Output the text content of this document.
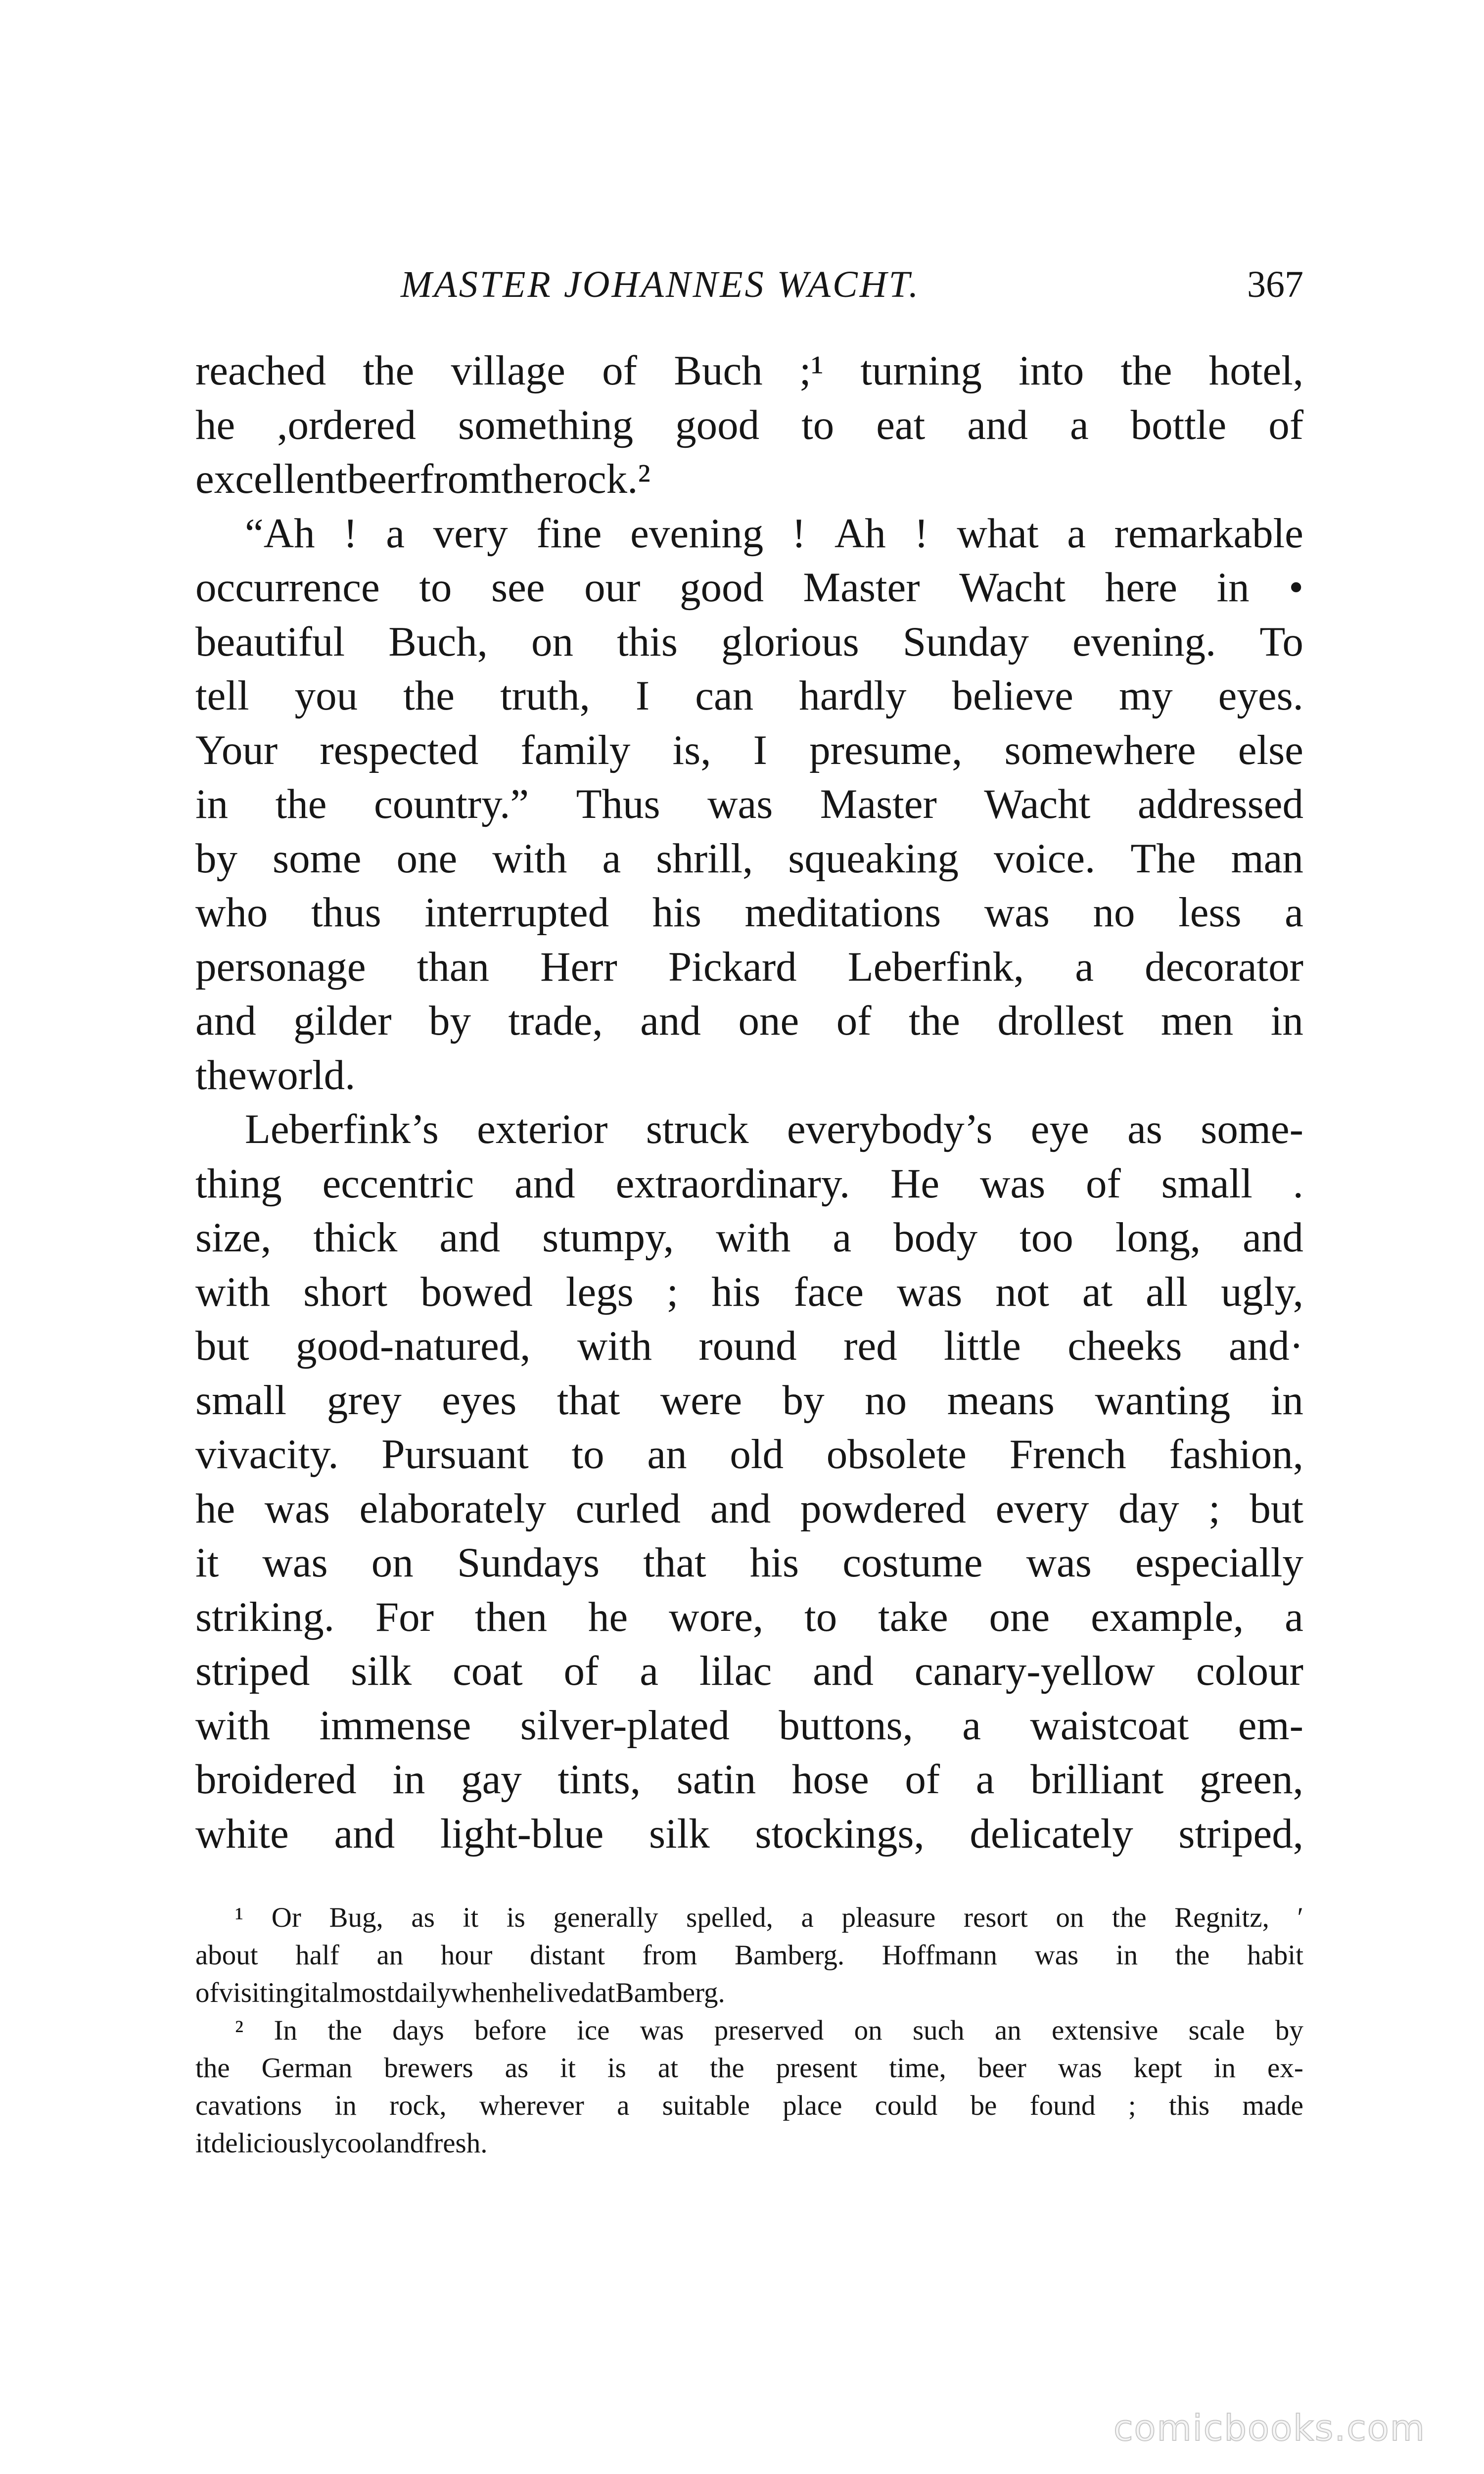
MASTER JOHANNES WACHT.	367
reached the village of Buch ;¹ turning into the hotel,
he ,ordered something good to eat and a bottle of
excellent beer from the rock.²
“Ah ! a very fine evening ! Ah ! what a remarkable
occurrence to see our good Master Wacht here in •
beautiful Buch, on this glorious Sunday evening. To
tell you the truth, I can hardly believe my eyes.
Your respected family is, I presume, somewhere else
in the country.” Thus was Master Wacht addressed
by some one with a shrill, squeaking voice. The man
who thus interrupted his meditations was no less a
personage than Herr Pickard Leberfink, a decorator
and gilder by trade, and one of the drollest men in
the world.
Leberfink’s exterior struck everybody’s eye as some-
thing eccentric and extraordinary. He was of small .
size, thick and stumpy, with a body too long, and
with short bowed legs ; his face was not at all ugly,
but good-natured, with round red little cheeks and·
small grey eyes that were by no means wanting in
vivacity. Pursuant to an old obsolete French fashion,
he was elaborately curled and powdered every day ; but
it was on Sundays that his costume was especially
striking. For then he wore, to take one example, a
striped silk coat of a lilac and canary-yellow colour
with immense silver-plated buttons, a waistcoat em-
broidered in gay tints, satin hose of a brilliant green,
white and light-blue silk stockings, delicately striped,
¹ Or Bug, as it is generally spelled, a pleasure resort on the Regnitz, ′
about half an hour distant from Bamberg. Hoffmann was in the habit
of visiting it almost daily when he lived at Bamberg.
² In the days before ice was preserved on such an extensive scale by
the German brewers as it is at the present time, beer was kept in ex-
cavations in rock, wherever a suitable place could be found ; this made
it deliciously cool and fresh.
comicbooks.com
